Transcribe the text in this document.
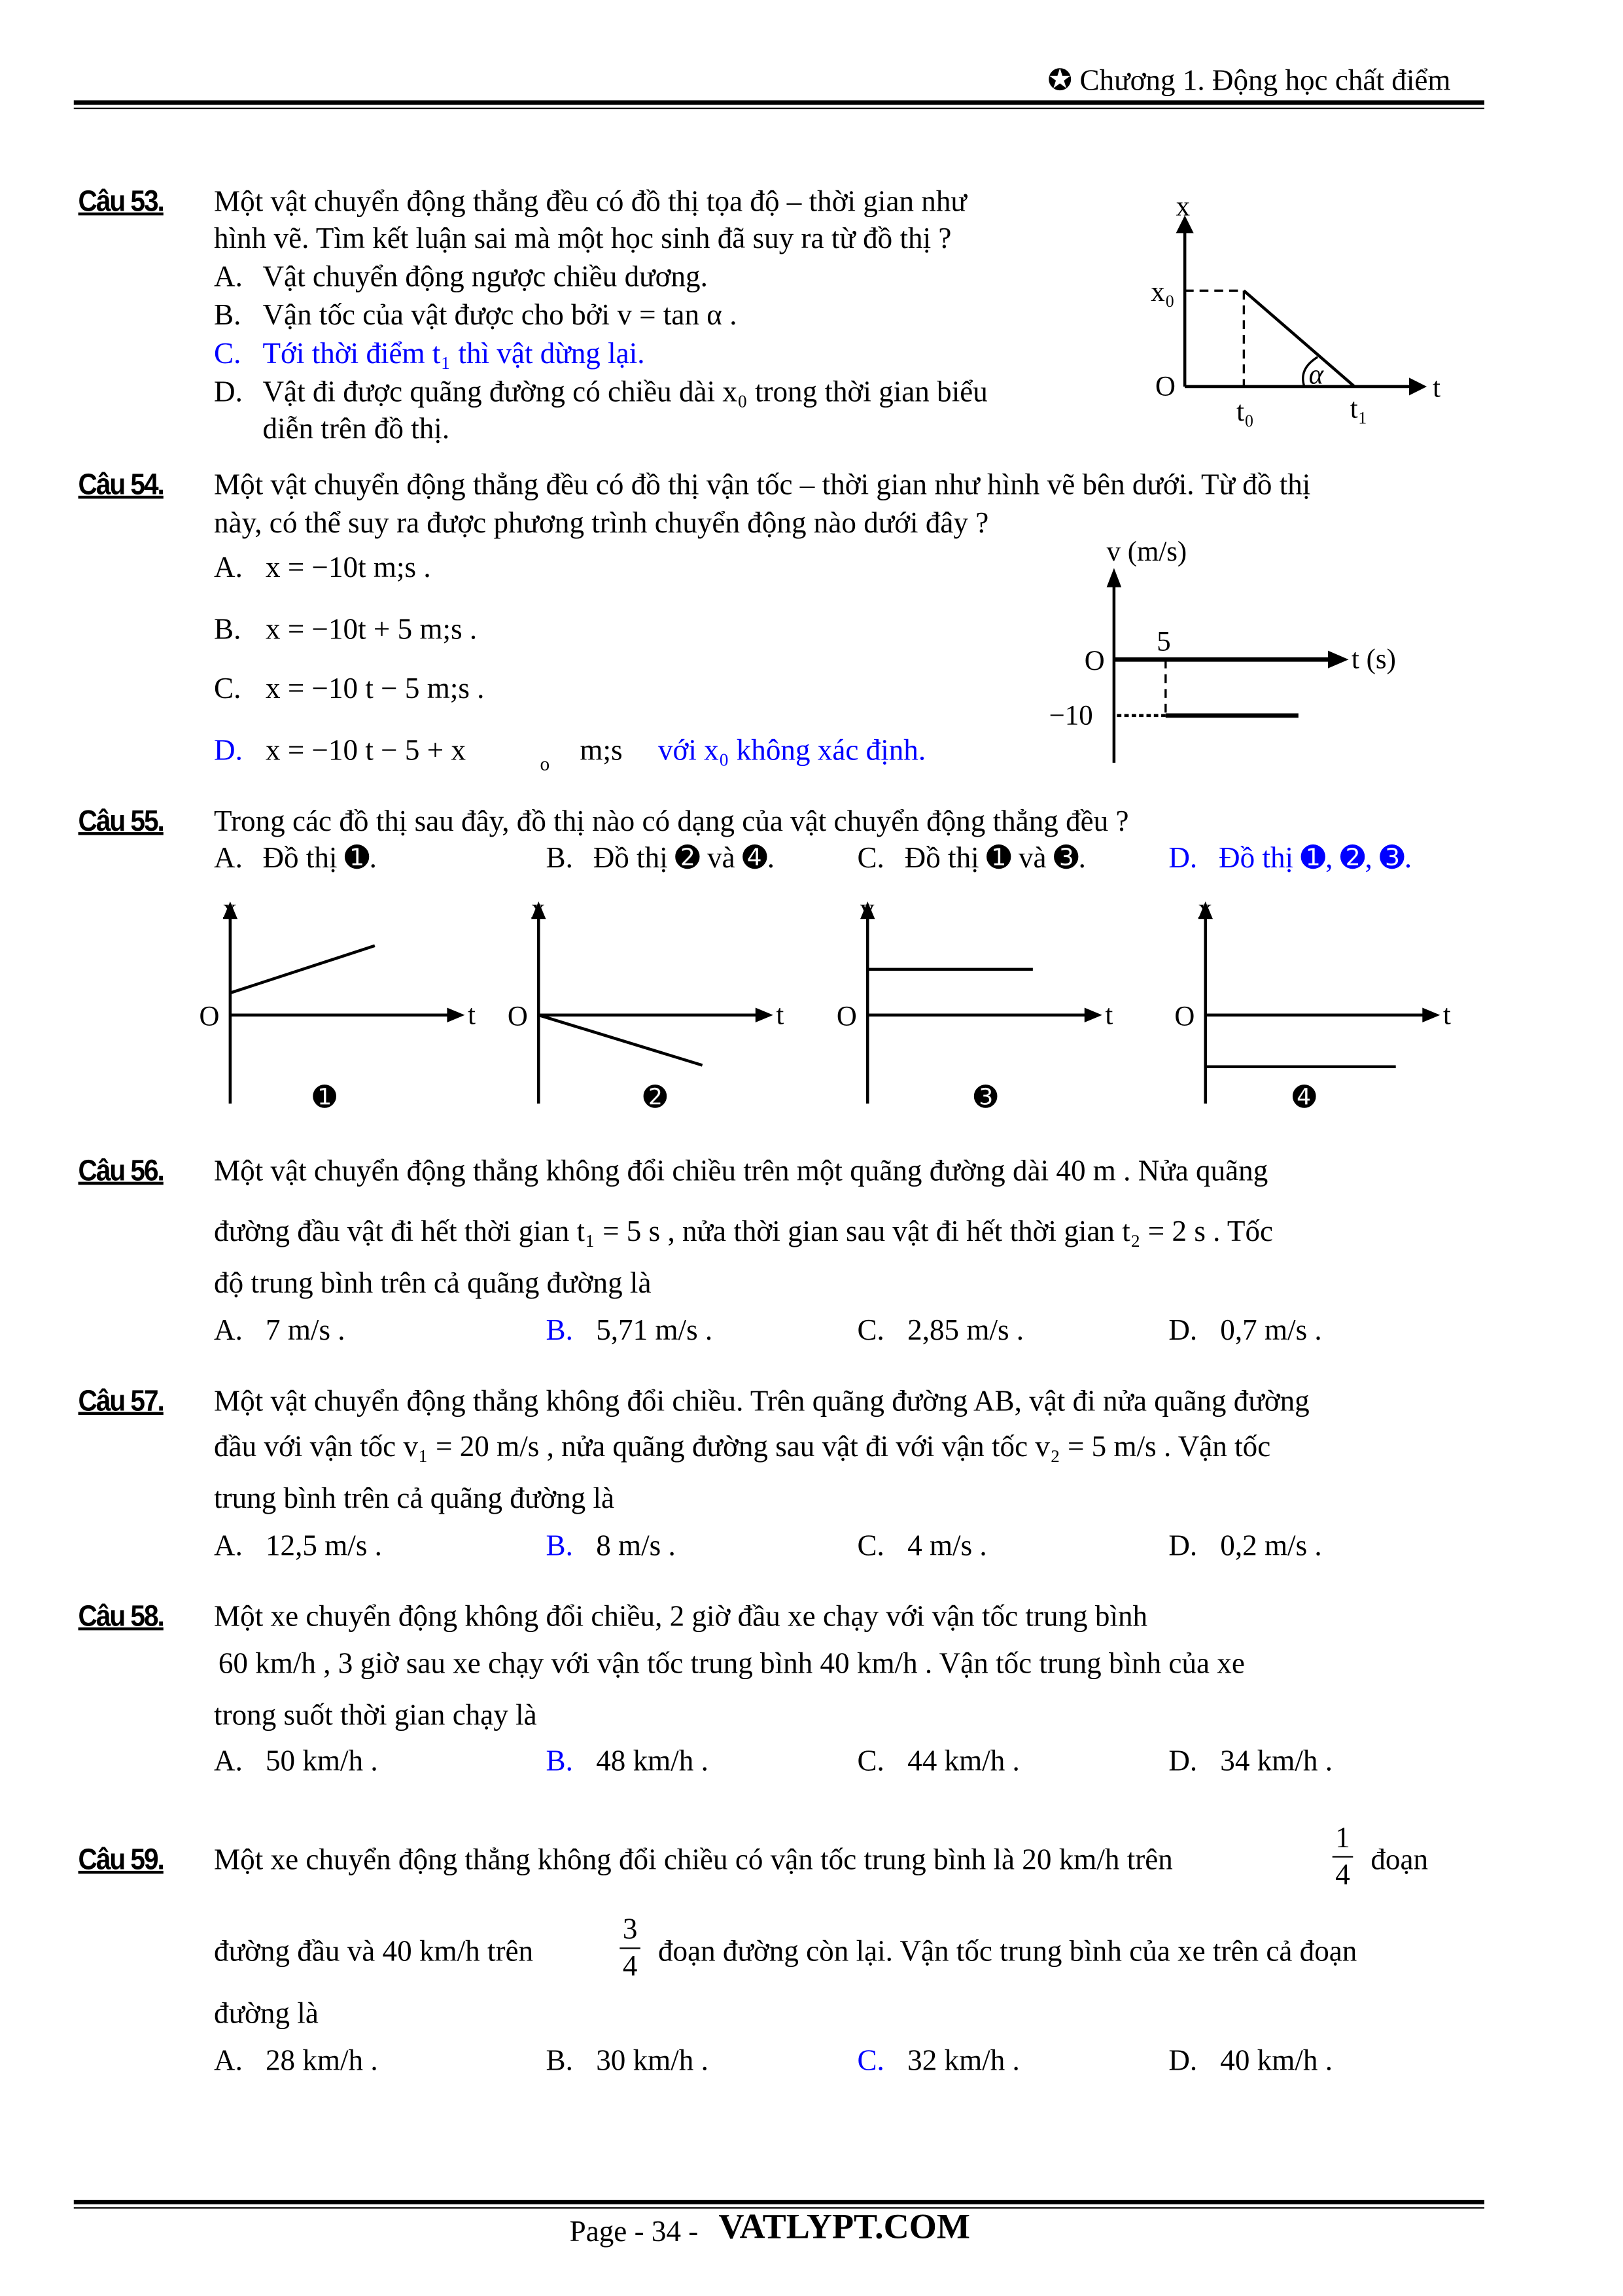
✪ Chương 1. Động học chất điểm
Câu 53.	Một vật chuyển động thẳng đều có đồ thị tọa độ – thời gian như
hình vẽ. Tìm kết luận sai mà một học sinh đã suy ra từ đồ thị ?
A. Vật chuyển động ngược chiều dương.
B. Vận tốc của vật được cho bởi v = tan α .
C. Tới thời điểm t₁ thì vật dừng lại.
D. Vật đi được quãng đường có chiều dài x₀ trong thời gian biểu
diễn trên đồ thị.
x
t
x₀
O
t₀	t₁
α
Câu 54.	Một vật chuyển động thẳng đều có đồ thị vận tốc – thời gian như hình vẽ bên dưới. Từ đồ thị
này, có thể suy ra được phương trình chuyển động nào dưới đây ?
A. x = −10t m;s .
B. x = −10t + 5 m;s .
C. x = −10 t − 5 m;s .
D. x = −10 t − 5 + x	o m;s	với x₀ không xác định.
v (m/s)
t (s)
O
5
−10
Câu 55.	Trong các đồ thị sau đây, đồ thị nào có dạng của vật chuyển động thẳng đều ?
A. Đồ thị ➊.	B. Đồ thị ➋ và ➍.	C. Đồ thị ➊ và ➌.	D. Đồ thị ➊, ➋, ➌.
x
t
O
➊
x
t
O
➋
v
t
O
➌
x
t
O
➍
Câu 56.	Một vật chuyển động thẳng không đổi chiều trên một quãng đường dài 40 m . Nửa quãng
đường đầu vật đi hết thời gian t₁ = 5 s , nửa thời gian sau vật đi hết thời gian t₂ = 2 s . Tốc
độ trung bình trên cả quãng đường là
A. 7 m/s .	B. 5,71 m/s .	C. 2,85 m/s .	D. 0,7 m/s .
Câu 57.	Một vật chuyển động thẳng không đổi chiều. Trên quãng đường AB, vật đi nửa quãng đường
đầu với vận tốc v₁ = 20 m/s , nửa quãng đường sau vật đi với vận tốc v₂ = 5 m/s . Vận tốc
trung bình trên cả quãng đường là
A. 12,5 m/s .	B. 8 m/s .	C. 4 m/s .	D. 0,2 m/s .
Câu 58.	Một xe chuyển động không đổi chiều, 2 giờ đầu xe chạy với vận tốc trung bình
60 km/h , 3 giờ sau xe chạy với vận tốc trung bình 40 km/h . Vận tốc trung bình của xe
trong suốt thời gian chạy là
A. 50 km/h .	B. 48 km/h .	C. 44 km/h .	D. 34 km/h .
Câu 59.	Một xe chuyển động thẳng không đổi chiều có vận tốc trung bình là 20 km/h trên
1
4 đoạn
đường đầu và 40 km/h trên
3
4 đoạn đường còn lại. Vận tốc trung bình của xe trên cả đoạn
đường là
A. 28 km/h .	B. 30 km/h .	C. 32 km/h .	D. 40 km/h .
Page - 34 - VATLYPT.COM
